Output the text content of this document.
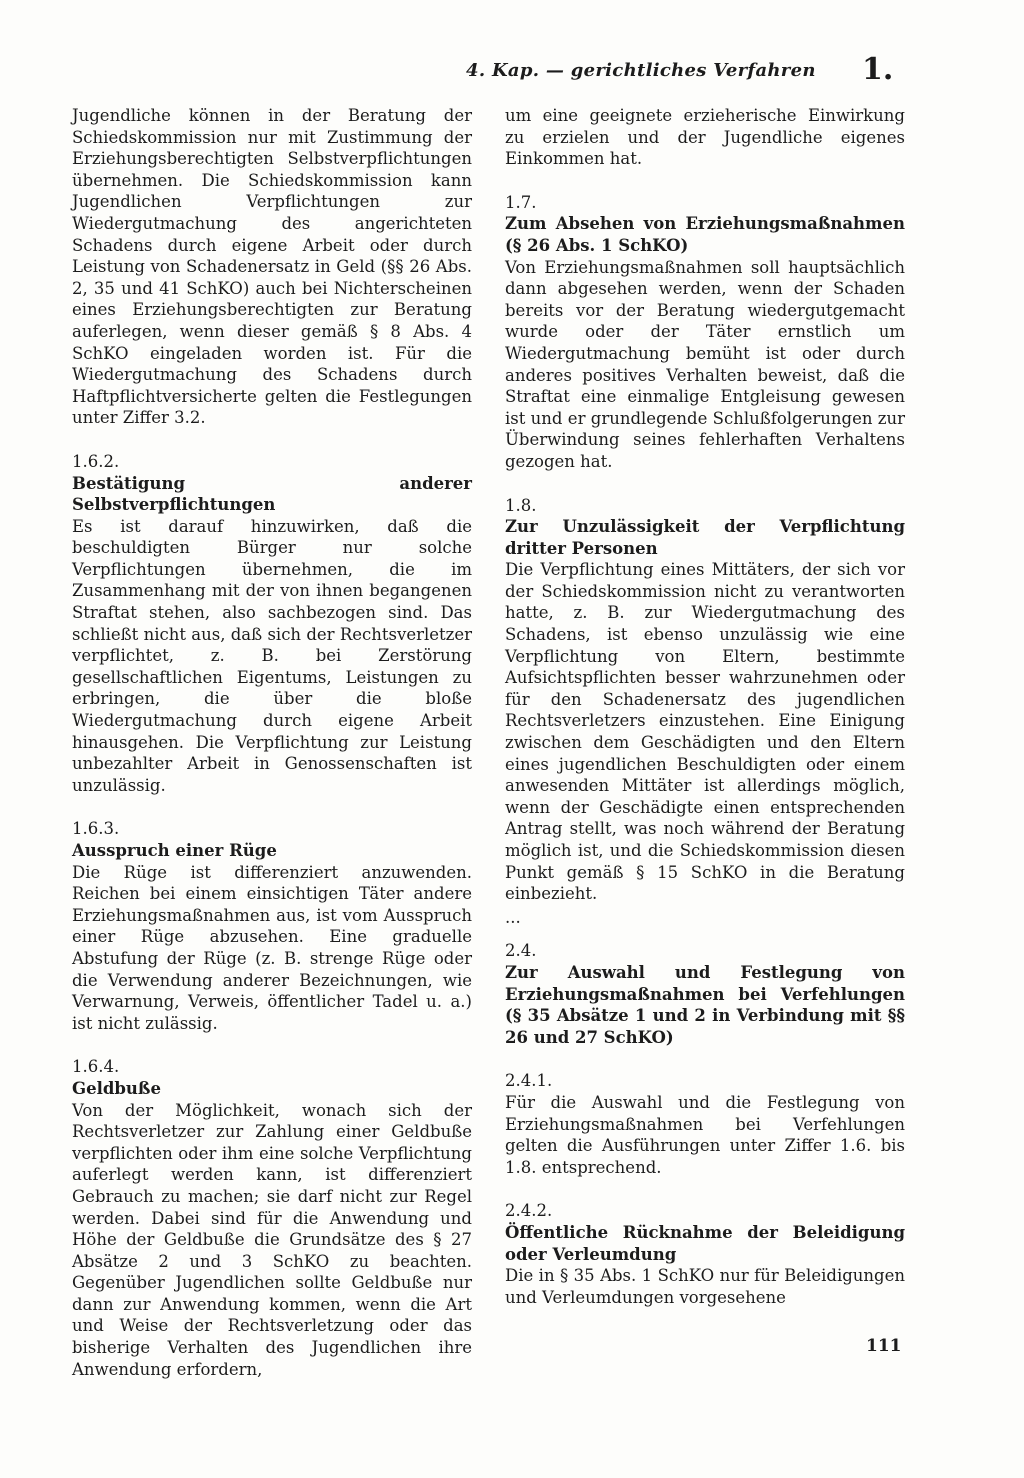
4. Kap. — gerichtliches Verfahren 1.

Jugendliche können in der Beratung der Schiedskommission nur mit Zustimmung der Erziehungsberechtigten Selbstverpflichtungen übernehmen. Die Schiedskommission kann Jugendlichen Verpflichtungen zur Wiedergutmachung des angerichteten Schadens durch eigene Arbeit oder durch Leistung von Schadenersatz in Geld (§§ 26 Abs. 2, 35 und 41 SchKO) auch bei Nichterscheinen eines Erziehungsberechtigten zur Beratung auferlegen, wenn dieser gemäß § 8 Abs. 4 SchKO eingeladen worden ist. Für die Wiedergutmachung des Schadens durch Haftpflichtversicherte gelten die Festlegungen unter Ziffer 3.2.

1.6.2.

Bestätigung anderer Selbstverpflichtungen

Es ist darauf hinzuwirken, daß die beschuldigten Bürger nur solche Verpflichtungen übernehmen, die im Zusammenhang mit der von ihnen begangenen Straftat stehen, also sachbezogen sind. Das schließt nicht aus, daß sich der Rechtsverletzer verpflichtet, z. B. bei Zerstörung gesellschaftlichen Eigentums, Leistungen zu erbringen, die über die bloße Wiedergutmachung durch eigene Arbeit hinausgehen. Die Verpflichtung zur Leistung unbezahlter Arbeit in Genossenschaften ist unzulässig.

1.6.3.

Ausspruch einer Rüge

Die Rüge ist differenziert anzuwenden. Reichen bei einem einsichtigen Täter andere Erziehungsmaßnahmen aus, ist vom Ausspruch einer Rüge abzusehen. Eine graduelle Abstufung der Rüge (z. B. strenge Rüge oder die Verwendung anderer Bezeichnungen, wie Verwarnung, Verweis, öffentlicher Tadel u. a.) ist nicht zulässig.

1.6.4.

Geldbuße

Von der Möglichkeit, wonach sich der Rechtsverletzer zur Zahlung einer Geldbuße verpflichten oder ihm eine solche Verpflichtung auferlegt werden kann, ist differenziert Gebrauch zu machen; sie darf nicht zur Regel werden. Dabei sind für die Anwendung und Höhe der Geldbuße die Grundsätze des § 27 Absätze 2 und 3 SchKO zu beachten. Gegenüber Jugendlichen sollte Geldbuße nur dann zur Anwendung kommen, wenn die Art und Weise der Rechtsverletzung oder das bisherige Verhalten des Jugendlichen ihre Anwendung erfordern,

um eine geeignete erzieherische Einwirkung zu erzielen und der Jugendliche eigenes Einkommen hat.

1.7.

Zum Absehen von Erziehungsmaßnahmen (§ 26 Abs. 1 SchKO)

Von Erziehungsmaßnahmen soll hauptsächlich dann abgesehen werden, wenn der Schaden bereits vor der Beratung wiedergutgemacht wurde oder der Täter ernstlich um Wiedergutmachung bemüht ist oder durch anderes positives Verhalten beweist, daß die Straftat eine einmalige Entgleisung gewesen ist und er grundlegende Schlußfolgerungen zur Überwindung seines fehlerhaften Verhaltens gezogen hat.

1.8.

Zur Unzulässigkeit der Verpflichtung dritter Personen

Die Verpflichtung eines Mittäters, der sich vor der Schiedskommission nicht zu verantworten hatte, z. B. zur Wiedergutmachung des Schadens, ist ebenso unzulässig wie eine Verpflichtung von Eltern, bestimmte Aufsichtspflichten besser wahrzunehmen oder für den Schadenersatz des jugendlichen Rechtsverletzers einzustehen. Eine Einigung zwischen dem Geschädigten und den Eltern eines jugendlichen Beschuldigten oder einem anwesenden Mittäter ist allerdings möglich, wenn der Geschädigte einen entsprechenden Antrag stellt, was noch während der Beratung möglich ist, und die Schiedskommission diesen Punkt gemäß § 15 SchKO in die Beratung einbezieht.

...

2.4.

Zur Auswahl und Festlegung von Erziehungsmaßnahmen bei Verfehlungen (§ 35 Absätze 1 und 2 in Verbindung mit §§ 26 und 27 SchKO)

2.4.1.

Für die Auswahl und die Festlegung von Erziehungsmaßnahmen bei Verfehlungen gelten die Ausführungen unter Ziffer 1.6. bis 1.8. entsprechend.

2.4.2.

Öffentliche Rücknahme der Beleidigung oder Verleumdung

Die in § 35 Abs. 1 SchKO nur für Beleidigungen und Verleumdungen vorgesehene

111
